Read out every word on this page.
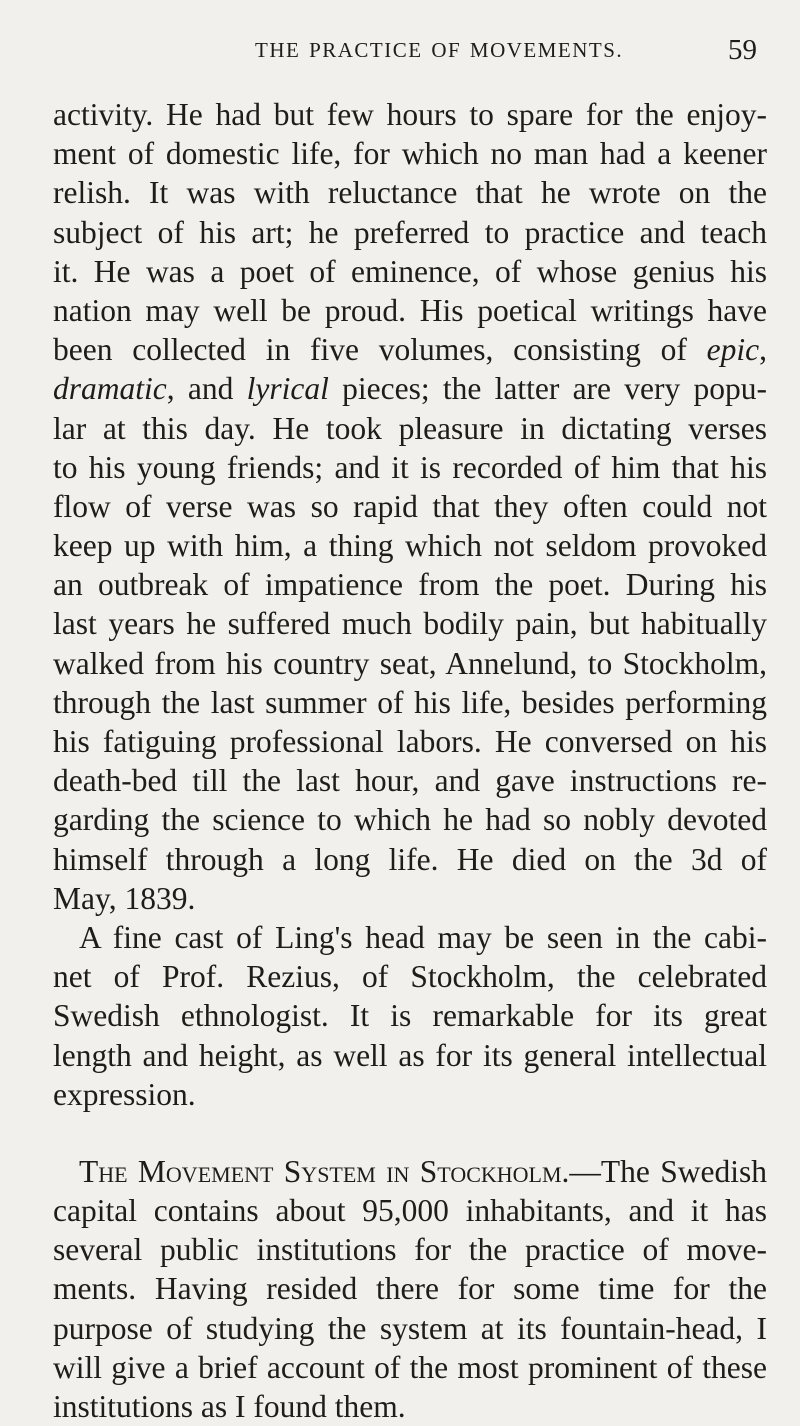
THE PRACTICE OF MOVEMENTS.	59
activity. He had but few hours to spare for the enjoy-
ment of domestic life, for which no man had a keener
relish. It was with reluctance that he wrote on the
subject of his art; he preferred to practice and teach
it. He was a poet of eminence, of whose genius his
nation may well be proud. His poetical writings have
been collected in five volumes, consisting of epic,
dramatic, and lyrical pieces; the latter are very popu-
lar at this day. He took pleasure in dictating verses
to his young friends; and it is recorded of him that his
flow of verse was so rapid that they often could not
keep up with him, a thing which not seldom provoked
an outbreak of impatience from the poet. During his
last years he suffered much bodily pain, but habitually
walked from his country seat, Annelund, to Stockholm,
through the last summer of his life, besides performing
his fatiguing professional labors. He conversed on his
death-bed till the last hour, and gave instructions re-
garding the science to which he had so nobly devoted
himself through a long life. He died on the 3d of
May, 1839.
A fine cast of Ling's head may be seen in the cabi-
net of Prof. Rezius, of Stockholm, the celebrated
Swedish ethnologist. It is remarkable for its great
length and height, as well as for its general intellectual
expression.
The Movement System in Stockholm.—The Swedish
capital contains about 95,000 inhabitants, and it has
several public institutions for the practice of move-
ments. Having resided there for some time for the
purpose of studying the system at its fountain-head, I
will give a brief account of the most prominent of these
institutions as I found them.
